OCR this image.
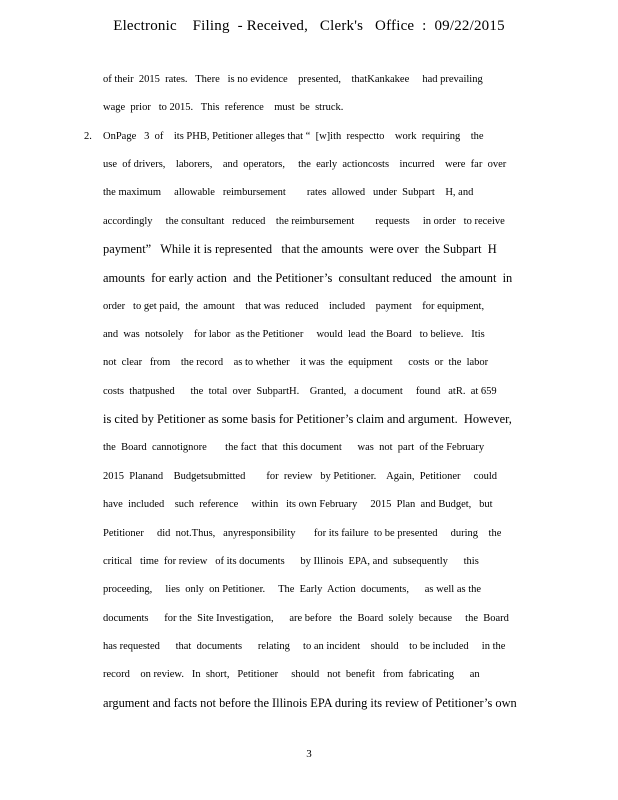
Electronic    Filing  - Received,   Clerk's   Office  :  09/22/2015
of their  2015  rates.   There   is no evidence    presented,    thatKankakee     had prevailing
wage  prior   to 2015.   This  reference    must  be  struck.
2. OnPage   3  of    its PHB, Petitioner alleges that “  [w]ith  respectto    work  requiring    the
use  of drivers,    laborers,    and  operators,     the  early  actioncosts    incurred    were  far  over
the maximum     allowable   reimbursement        rates  allowed   under  Subpart    H, and
accordingly     the consultant   reduced    the reimbursement        requests     in order   to receive
payment”   While it is represented   that the amounts  were over  the Subpart  H
amounts  for early action  and  the Petitioner’s  consultant reduced   the amount  in
order   to get paid,  the  amount    that was  reduced    included    payment    for equipment,
and  was  notsolely    for labor  as the Petitioner     would  lead  the Board   to believe.   Itis
not  clear   from    the record    as to whether    it was  the  equipment      costs  or  the  labor
costs  thatpushed      the  total  over  SubpartH.    Granted,   a document     found   atR.  at 659
is cited by Petitioner as some basis for Petitioner’s claim and argument.  However,
the  Board  cannotignore       the fact  that  this document      was  not  part  of the February
2015  Planand    Budgetsubmitted        for  review   by Petitioner.    Again,  Petitioner     could
have  included    such  reference     within   its own February     2015  Plan  and Budget,   but
Petitioner     did  not.Thus,   anyresponsibility       for its failure  to be presented     during    the
critical   time  for review   of its documents      by Illinois  EPA, and  subsequently      this
proceeding,     lies  only  on Petitioner.     The  Early  Action  documents,      as well as the
documents      for the  Site Investigation,      are before   the  Board  solely  because     the  Board
has requested      that  documents      relating     to an incident    should    to be included     in the
record    on review.   In  short,   Petitioner     should   not  benefit   from  fabricating      an
argument and facts not before the Illinois EPA during its review of Petitioner’s own
3
